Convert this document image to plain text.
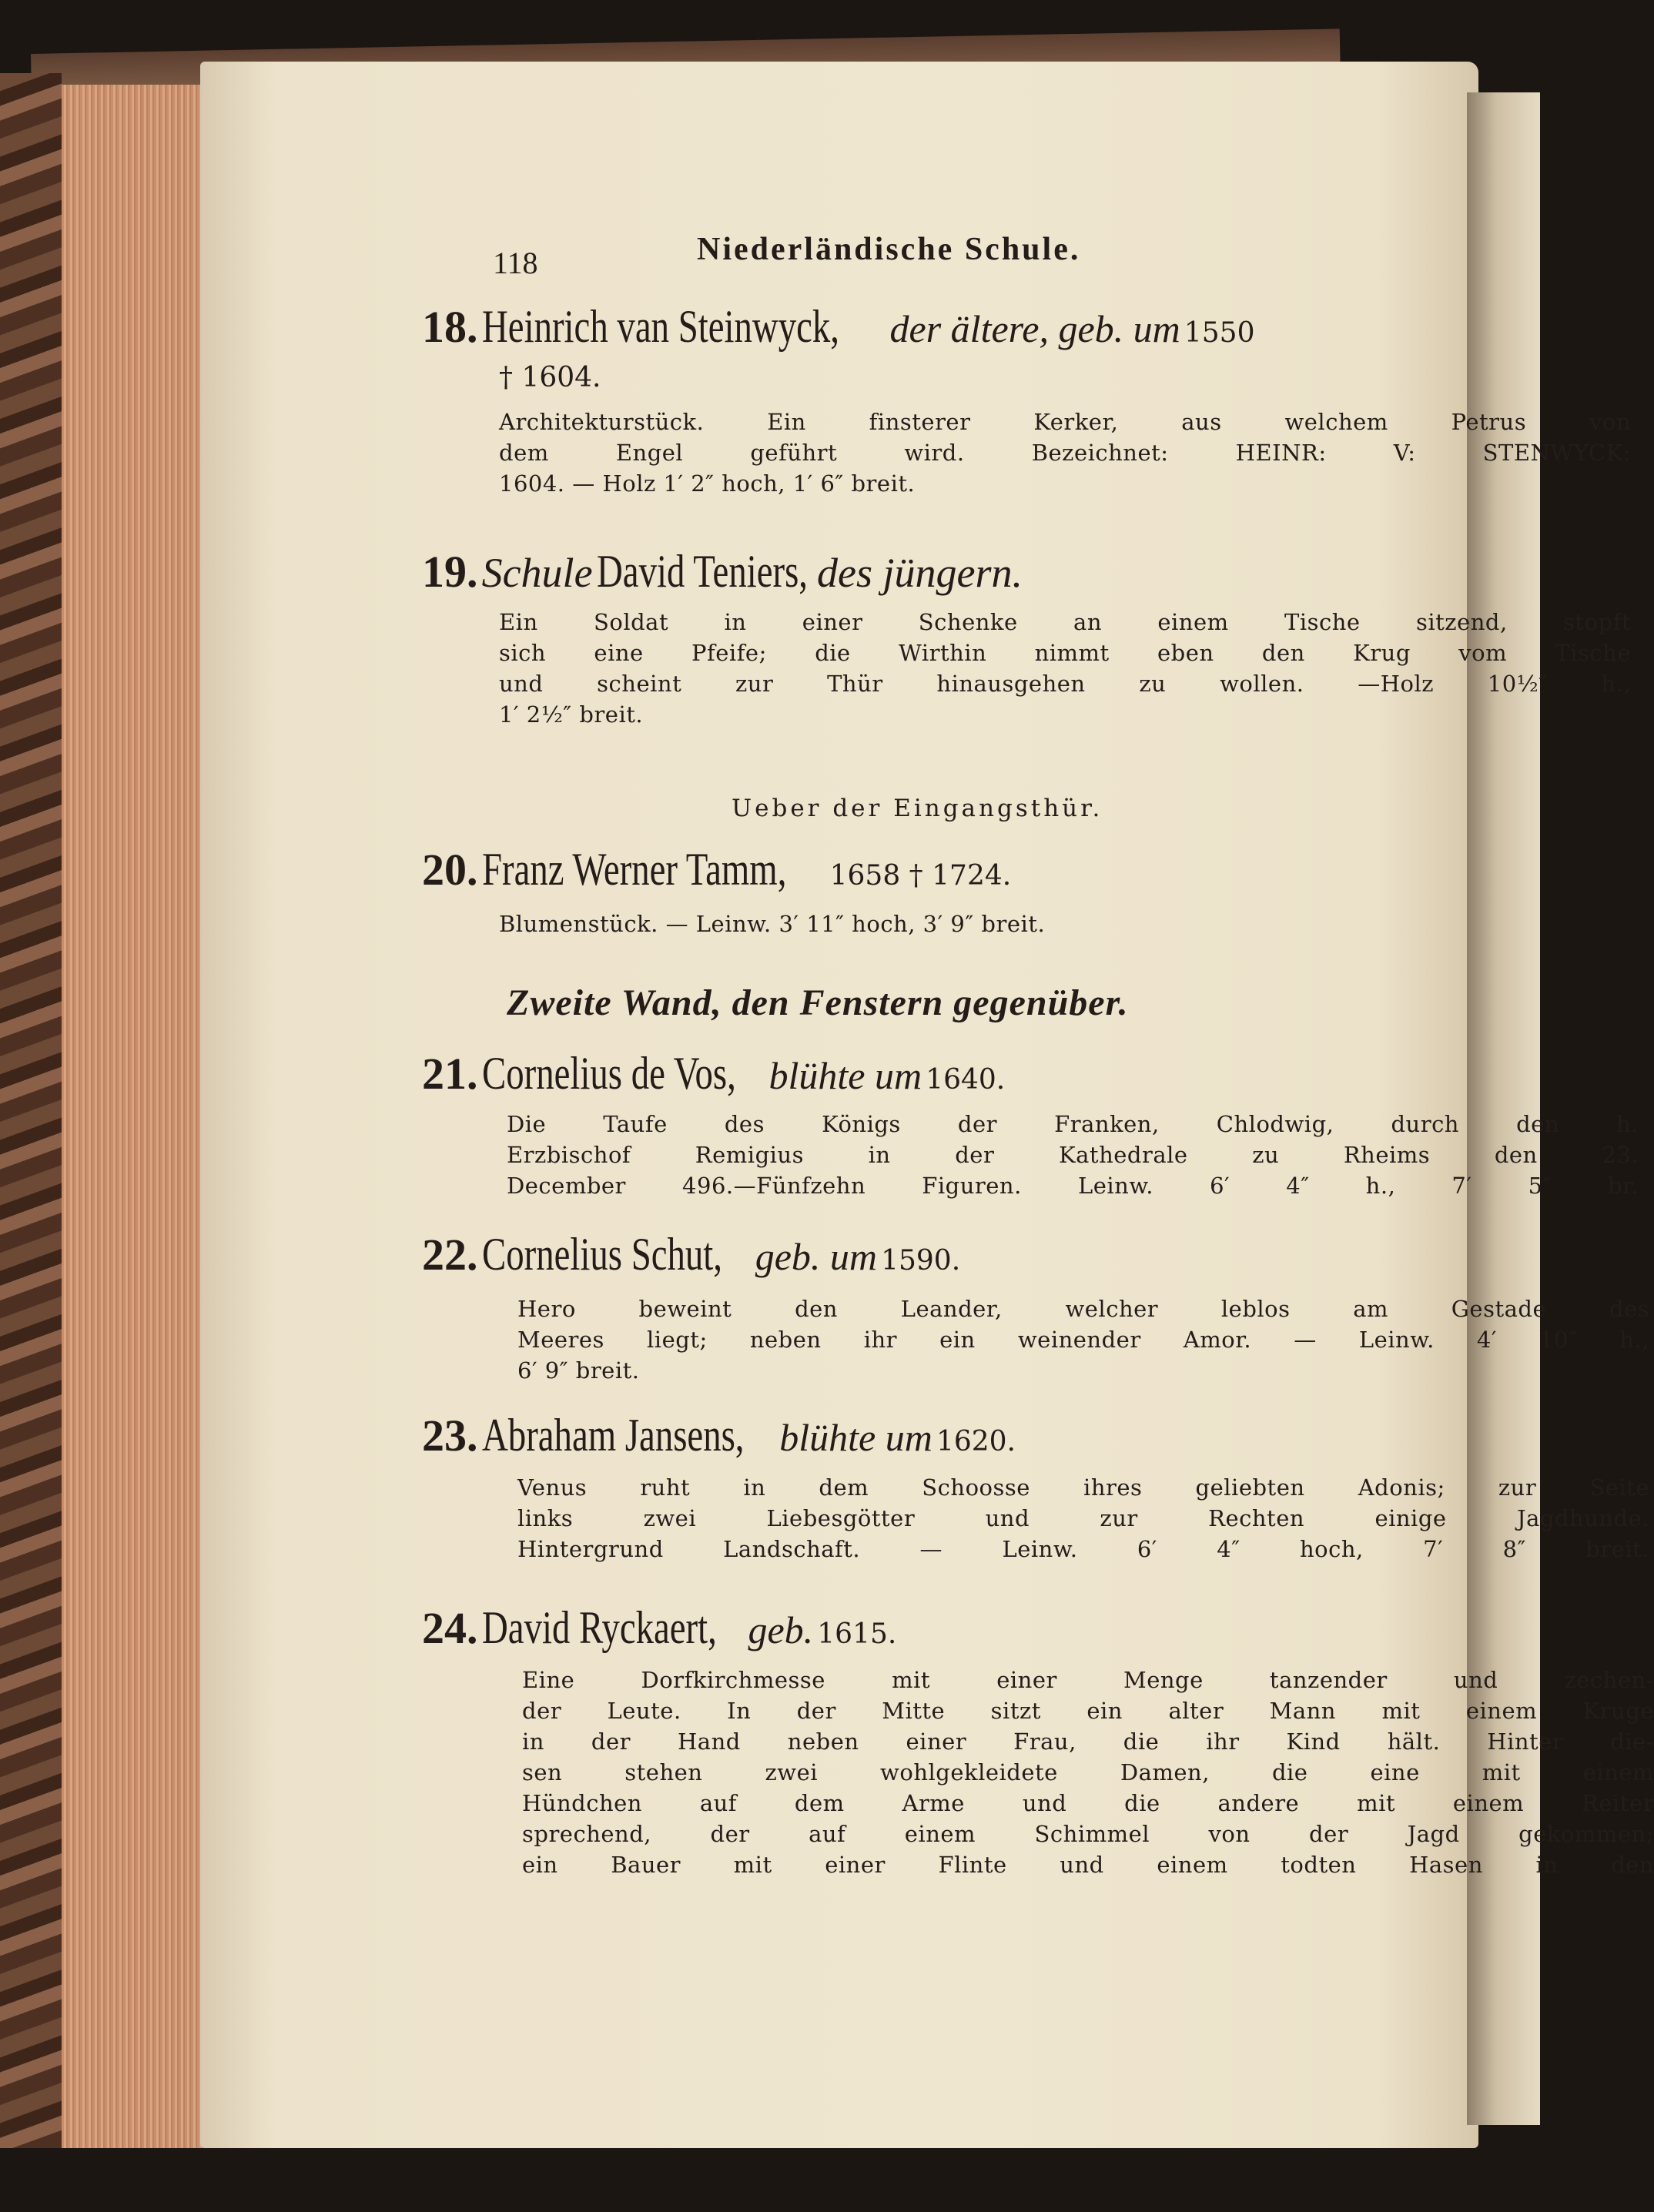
118	Niederländische Schule.
18. Heinrich van Steinwyck, der ältere, geb. um 1550
† 1604.
Architekturstück. Ein finsterer Kerker, aus welchem Petrus von
dem Engel geführt wird. Bezeichnet: HEINR: V: STENWYCK:
1604. — Holz 1′ 2″ hoch, 1′ 6″ breit.
19. Schule David Teniers, des jüngern.
Ein Soldat in einer Schenke an einem Tische sitzend, stopft
sich eine Pfeife; die Wirthin nimmt eben den Krug vom Tische
und scheint zur Thür hinausgehen zu wollen. —Holz 10½″ h.,
1′ 2½″ breit.
Ueber der Eingangsthür.
20. Franz Werner Tamm, 1658 † 1724.
Blumenstück. — Leinw. 3′ 11″ hoch, 3′ 9″ breit.
Zweite Wand, den Fenstern gegenüber.
21. Cornelius de Vos, blühte um 1640.
Die Taufe des Königs der Franken, Chlodwig, durch den h.
Erzbischof Remigius in der Kathedrale zu Rheims den 23.
December 496.—Fünfzehn Figuren. Leinw. 6′ 4″ h., 7′ 5″ br.
22. Cornelius Schut, geb. um 1590.
Hero beweint den Leander, welcher leblos am Gestade des
Meeres liegt; neben ihr ein weinender Amor. — Leinw. 4′ 10″ h.,
6′ 9″ breit.
23. Abraham Jansens, blühte um 1620.
Venus ruht in dem Schoosse ihres geliebten Adonis; zur Seite
links zwei Liebesgötter und zur Rechten einige Jagdhunde.
Hintergrund Landschaft. — Leinw. 6′ 4″ hoch, 7′ 8″ breit.
24. David Ryckaert, geb. 1615.
Eine Dorfkirchmesse mit einer Menge tanzender und zechen-
der Leute. In der Mitte sitzt ein alter Mann mit einem Kruge
in der Hand neben einer Frau, die ihr Kind hält. Hinter die-
sen stehen zwei wohlgekleidete Damen, die eine mit einem
Hündchen auf dem Arme und die andere mit einem Reiter
sprechend, der auf einem Schimmel von der Jagd gekommen;
ein Bauer mit einer Flinte und einem todten Hasen in den
